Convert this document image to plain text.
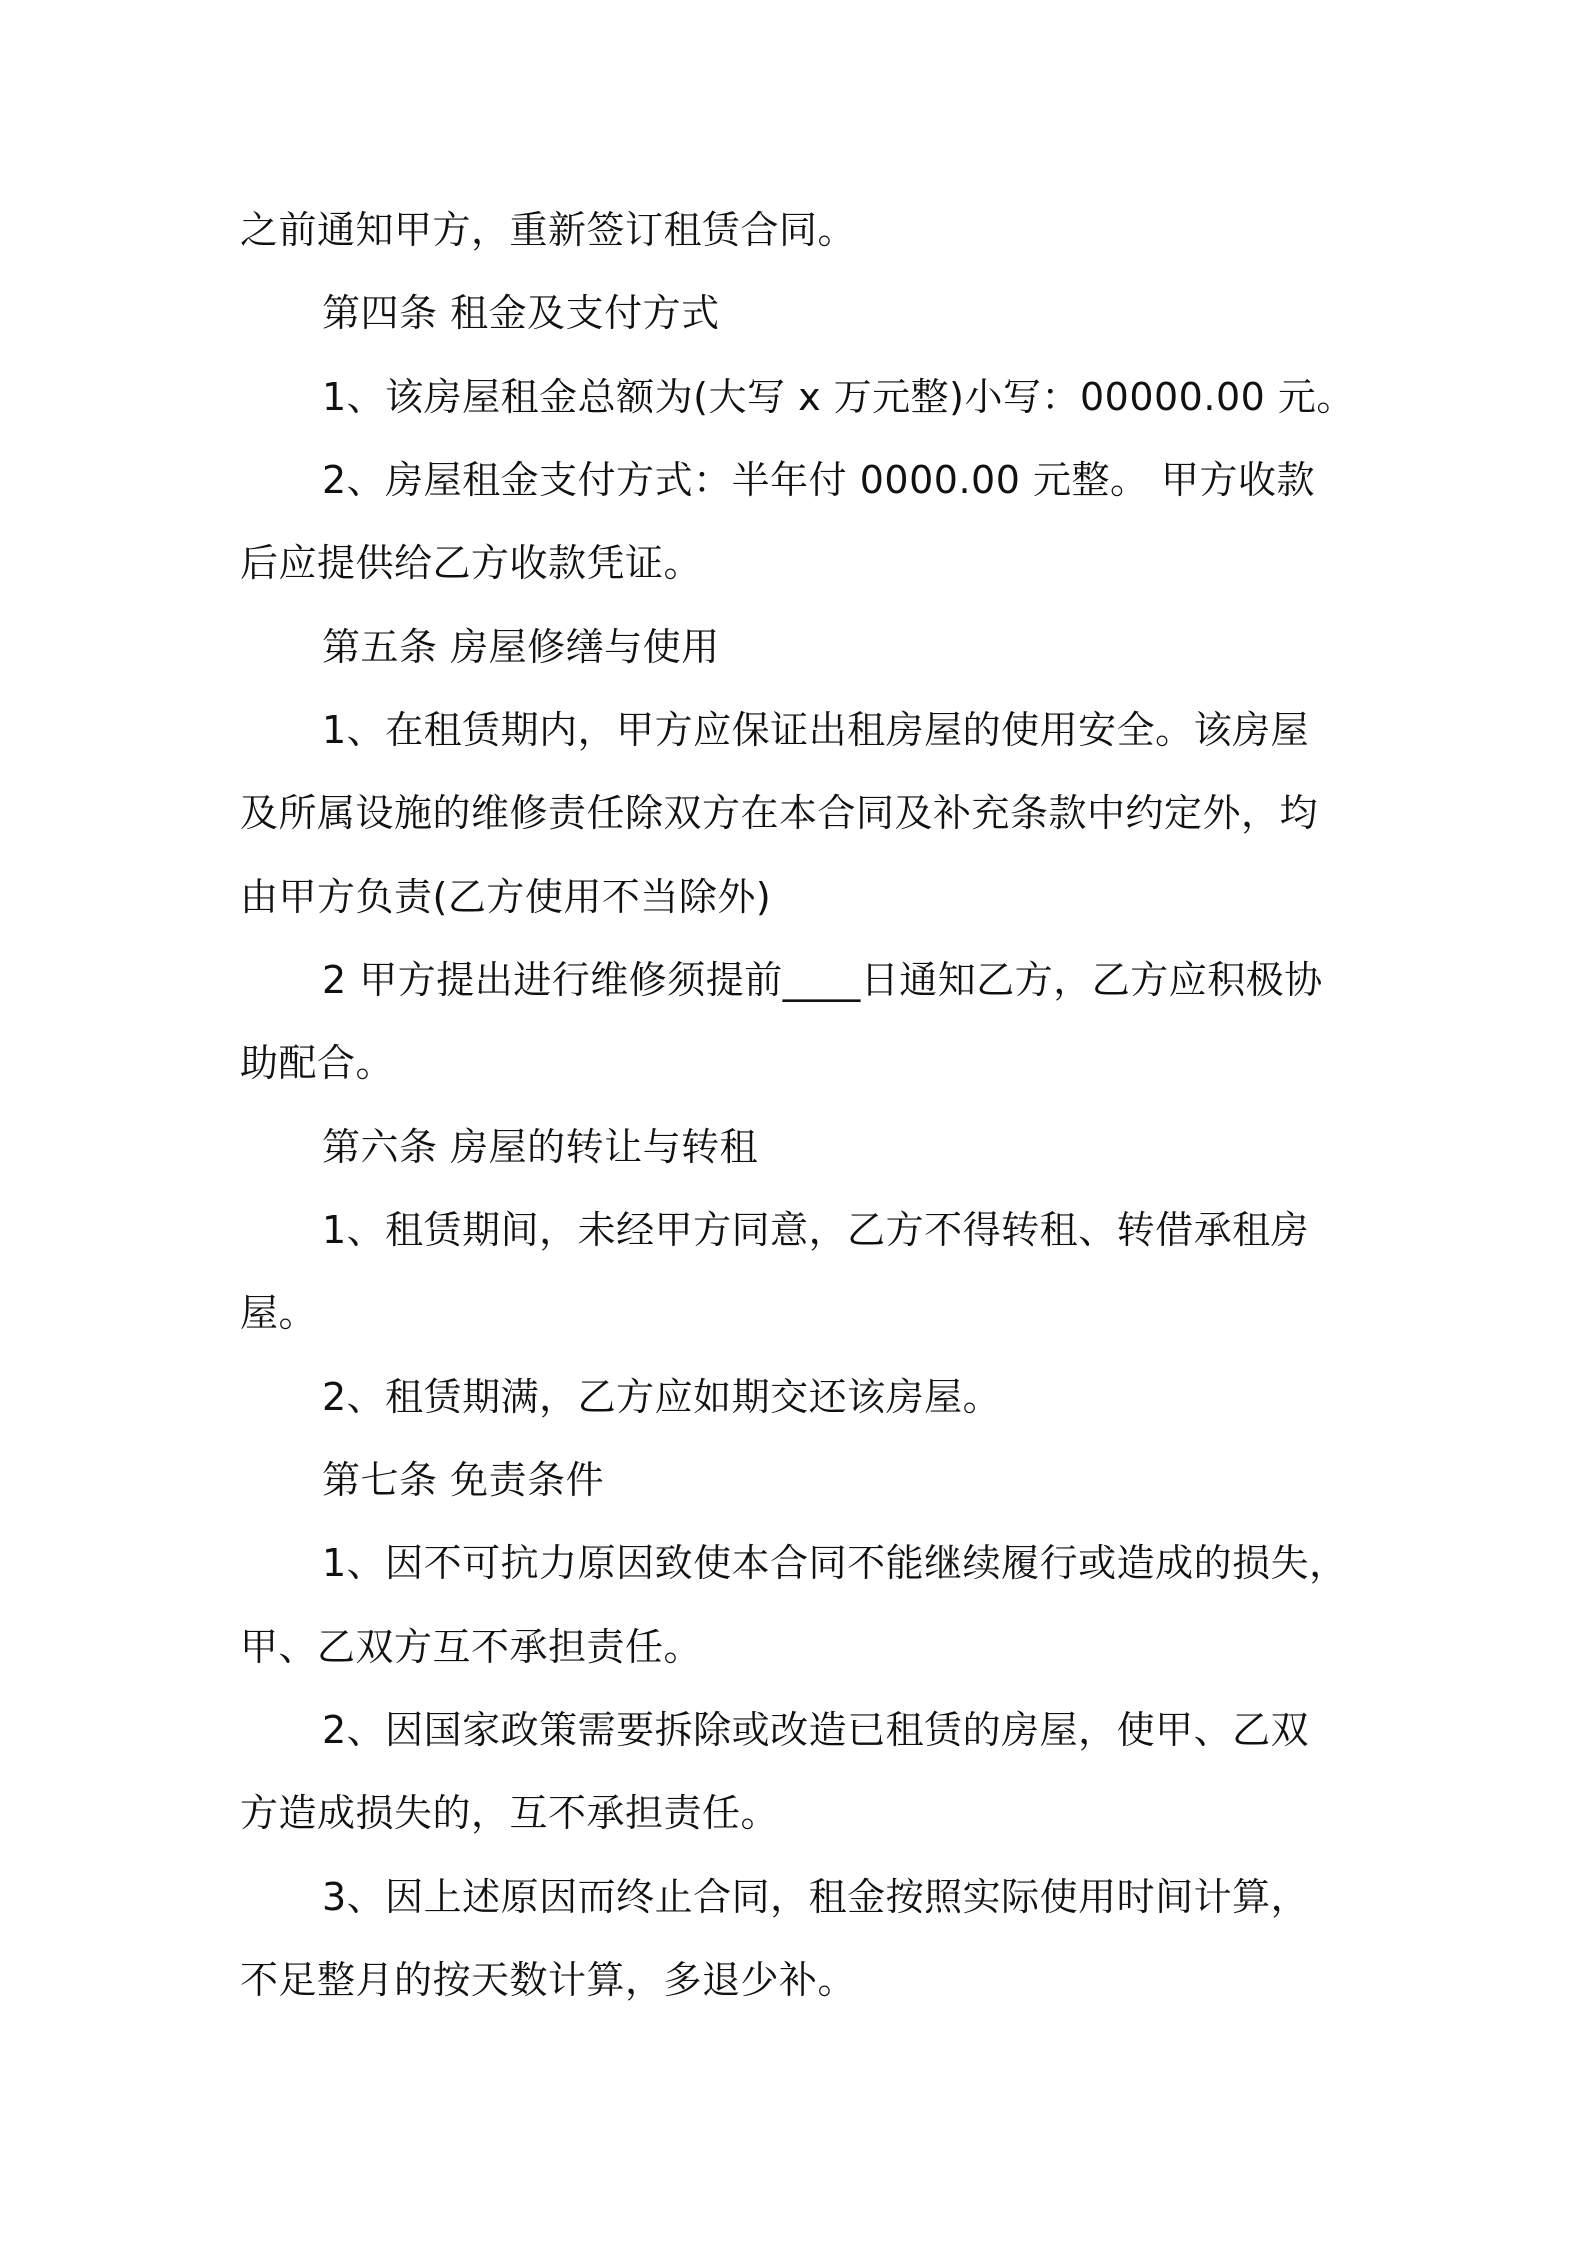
之前通知甲方，重新签订租赁合同。
第四条 租金及支付方式
1、该房屋租金总额为(大写 x 万元整)小写：00000.00 元。
2、房屋租金支付方式：半年付 0000.00 元整。 甲方收款
后应提供给乙方收款凭证。
第五条 房屋修缮与使用
1、在租赁期内，甲方应保证出租房屋的使用安全。该房屋
及所属设施的维修责任除双方在本合同及补充条款中约定外，均
由甲方负责(乙方使用不当除外)
2 甲方提出进行维修须提前____日通知乙方，乙方应积极协
助配合。
第六条 房屋的转让与转租
1、租赁期间，未经甲方同意，乙方不得转租、转借承租房
屋。
2、租赁期满，乙方应如期交还该房屋。
第七条 免责条件
1、因不可抗力原因致使本合同不能继续履行或造成的损失，
甲、乙双方互不承担责任。
2、因国家政策需要拆除或改造已租赁的房屋，使甲、乙双
方造成损失的，互不承担责任。
3、因上述原因而终止合同，租金按照实际使用时间计算，
不足整月的按天数计算，多退少补。
